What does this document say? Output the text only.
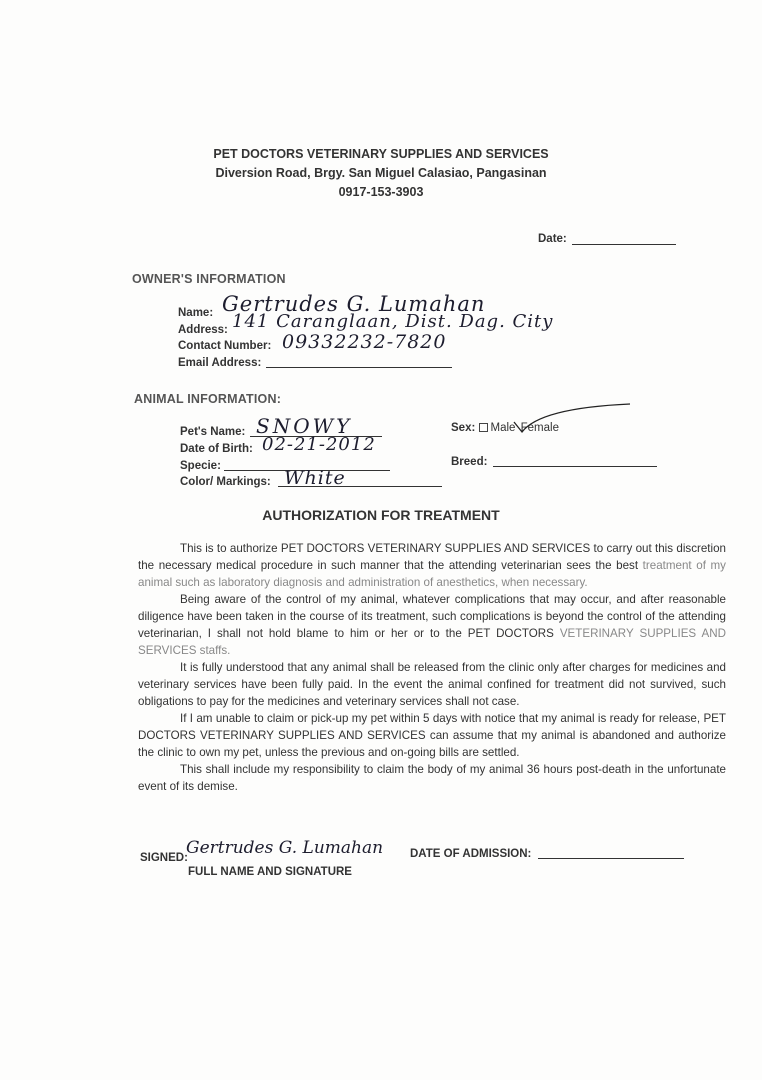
PET DOCTORS VETERINARY SUPPLIES AND SERVICES
Diversion Road, Brgy. San Miguel Calasiao, Pangasinan
0917-153-3903
Date:
OWNER'S INFORMATION
Name: Gertrudes G. Lumahan
Address: 141 Caranglaan, Dist. Dag. City
Contact Number: 09332232-7820
Email Address:
ANIMAL INFORMATION:
Pet's Name: SNOWY
Date of Birth: 02-21-2012
Specie:
Color/ Markings: White
Sex: Male Female
Breed:
AUTHORIZATION FOR TREATMENT

This is to authorize PET DOCTORS VETERINARY SUPPLIES AND SERVICES to carry out this discretion the necessary medical procedure in such manner that the attending veterinarian sees the best treatment of my animal such as laboratory diagnosis and administration of anesthetics, when necessary.

Being aware of the control of my animal, whatever complications that may occur, and after reasonable diligence have been taken in the course of its treatment, such complications is beyond the control of the attending veterinarian, I shall not hold blame to him or her or to the PET DOCTORS VETERINARY SUPPLIES AND SERVICES staffs.

It is fully understood that any animal shall be released from the clinic only after charges for medicines and veterinary services have been fully paid. In the event the animal confined for treatment did not survived, such obligations to pay for the medicines and veterinary services shall not case.

If I am unable to claim or pick-up my pet within 5 days with notice that my animal is ready for release, PET DOCTORS VETERINARY SUPPLIES AND SERVICES can assume that my animal is abandoned and authorize the clinic to own my pet, unless the previous and on-going bills are settled.

This shall include my responsibility to claim the body of my animal 36 hours post-death in the unfortunate event of its demise.

SIGNED:
Gertrudes G. Lumahan
FULL NAME AND SIGNATURE
DATE OF ADMISSION:
